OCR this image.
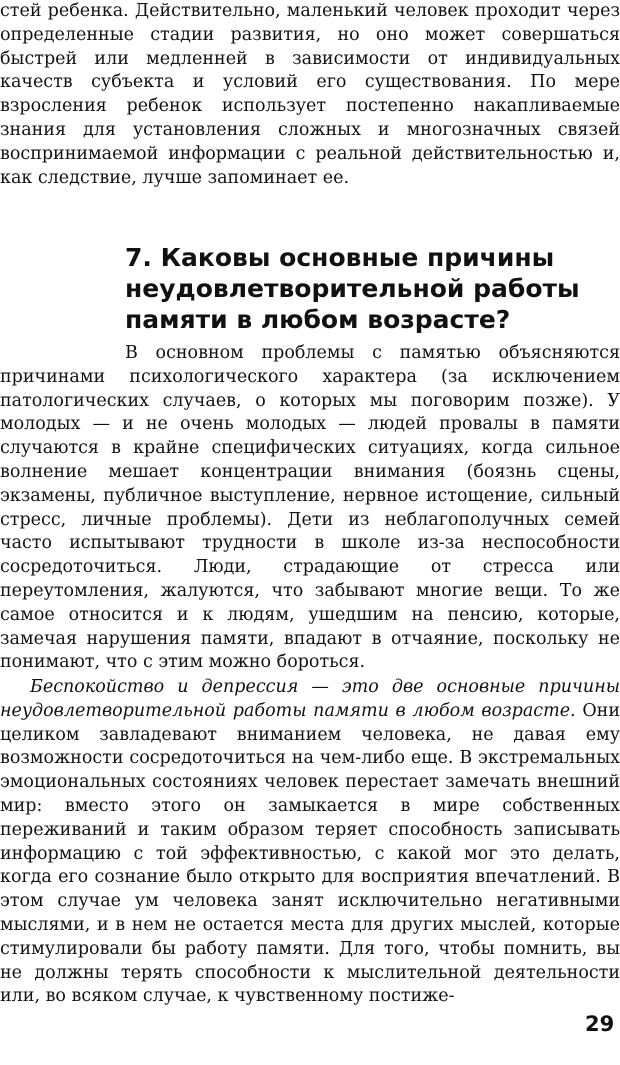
стей ребенка. Действительно, маленький человек проходит через определенные стадии развития, но оно может совершаться быстрей или медленней в зависимости от индивидуальных качеств субъекта и условий его существования. По мере взросления ребенок использует постепенно накапливаемые знания для установления сложных и многозначных связей воспринимаемой информации с реальной действительностью и, как следствие, лучше запоминает ее.

7. Каковы основные причины
неудовлетворительной работы
памяти в любом возрасте?

В основном проблемы с памятью объясняются причинами психологического характера (за исключением патологических случаев, о которых мы поговорим позже). У молодых — и не очень молодых — людей провалы в памяти случаются в крайне специфических ситуациях, когда сильное волнение мешает концентрации внимания (боязнь сцены, экзамены, публичное выступление, нервное истощение, сильный стресс, личные проблемы). Дети из неблагополучных семей часто испытывают трудности в школе из-за неспособности сосредоточиться. Люди, страдающие от стресса или переутомления, жалуются, что забывают многие вещи. То же самое относится и к людям, ушедшим на пенсию, которые, замечая нарушения памяти, впадают в отчаяние, поскольку не понимают, что с этим можно бороться.

Беспокойство и депрессия — это две основные причины неудовлетворительной работы памяти в любом возрасте. Они целиком завладевают вниманием человека, не давая ему возможности сосредоточиться на чем-либо еще. В экстремальных эмоциональных состояниях человек перестает замечать внешний мир: вместо этого он замыкается в мире собственных переживаний и таким образом теряет способность записывать информацию с той эффективностью, с какой мог это делать, когда его сознание было открыто для восприятия впечатлений. В этом случае ум человека занят исключительно негативными мыслями, и в нем не остается места для других мыслей, которые стимулировали бы работу памяти. Для того, чтобы помнить, вы не должны терять способности к мыслительной деятельности или, во всяком случае, к чувственному постиже-

29
